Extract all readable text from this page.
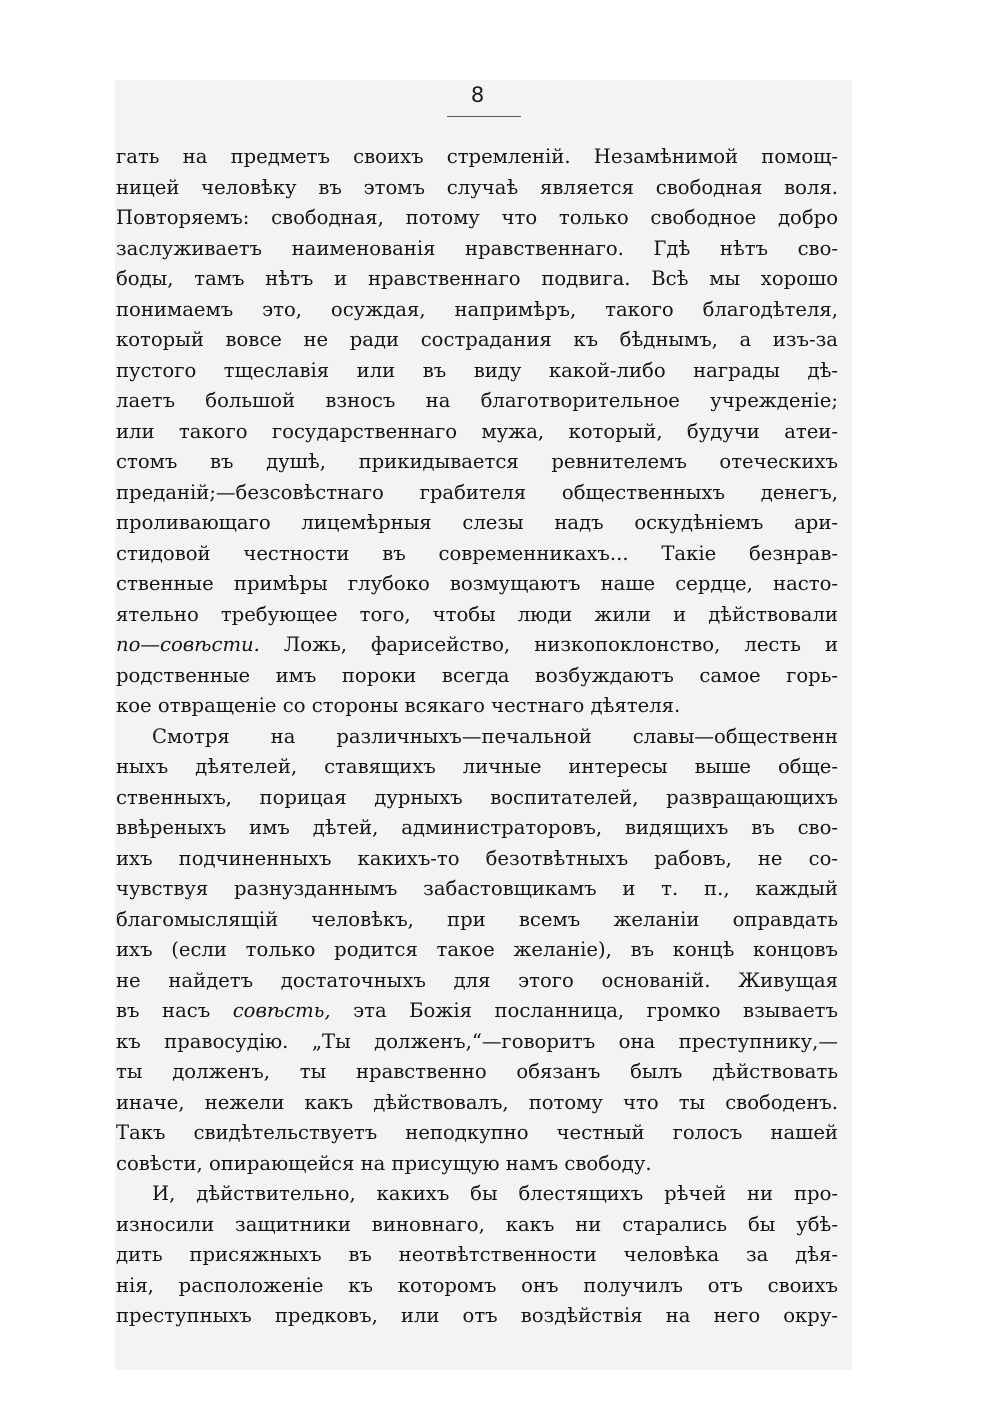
8
гать на предметъ своихъ стремленій. Незамѣнимой помощ-
ницей человѣку въ этомъ случаѣ является свободная воля.
Повторяемъ: свободная, потому что только свободное добро
заслуживаетъ наименованія нравственнаго. Гдѣ нѣтъ сво-
боды, тамъ нѣтъ и нравственнаго подвига. Всѣ мы хорошо
понимаемъ это, осуждая, напримѣръ, такого благодѣтеля,
который вовсе не ради сострадания къ бѣднымъ, а изъ-за
пустого тщеславія или въ виду какой-либо награды дѣ-
лаетъ большой взносъ на благотворительное учрежденіе;
или такого государственнаго мужа, который, будучи атеи-
стомъ въ душѣ, прикидывается ревнителемъ отеческихъ
преданій;—безсовѣстнаго грабителя общественныхъ денегъ,
проливающаго лицемѣрныя слезы надъ оскудѣніемъ ари-
стидовой честности въ современникахъ... Такіе безнрав-
ственные примѣры глубоко возмущаютъ наше сердце, насто-
ятельно требующее того, чтобы люди жили и дѣйствовали
по—совѣсти. Ложь, фарисейство, низкопоклонство, лесть и
родственные имъ пороки всегда возбуждаютъ самое горь-
кое отвращеніе со стороны всякаго честнаго дѣятеля.
Смотря на различныхъ—печальной славы—общественн
ныхъ дѣятелей, ставящихъ личные интересы выше обще-
ственныхъ, порицая дурныхъ воспитателей, развращающихъ
ввѣреныхъ имъ дѣтей, администраторовъ, видящихъ въ сво-
ихъ подчиненныхъ какихъ-то безотвѣтныхъ рабовъ, не со-
чувствуя разнузданнымъ забастовщикамъ и т. п., каждый
благомыслящій человѣкъ, при всемъ желаніи оправдать
ихъ (если только родится такое желаніе), въ концѣ концовъ
не найдетъ достаточныхъ для этого основаній. Живущая
въ насъ совѣсть, эта Божія посланница, громко взываетъ
къ правосудію. „Ты долженъ,“—говоритъ она преступнику,—
ты долженъ, ты нравственно обязанъ былъ дѣйствовать
иначе, нежели какъ дѣйствовалъ, потому что ты свободенъ.
Такъ свидѣтельствуетъ неподкупно честный голосъ нашей
совѣсти, опирающейся на присущую намъ свободу.
И, дѣйствительно, какихъ бы блестящихъ рѣчей ни про-
износили защитники виновнаго, какъ ни старались бы убѣ-
дить присяжныхъ въ неотвѣтственности человѣка за дѣя-
нія, расположеніе къ которомъ онъ получилъ отъ своихъ
преступныхъ предковъ, или отъ воздѣйствія на него окру-
